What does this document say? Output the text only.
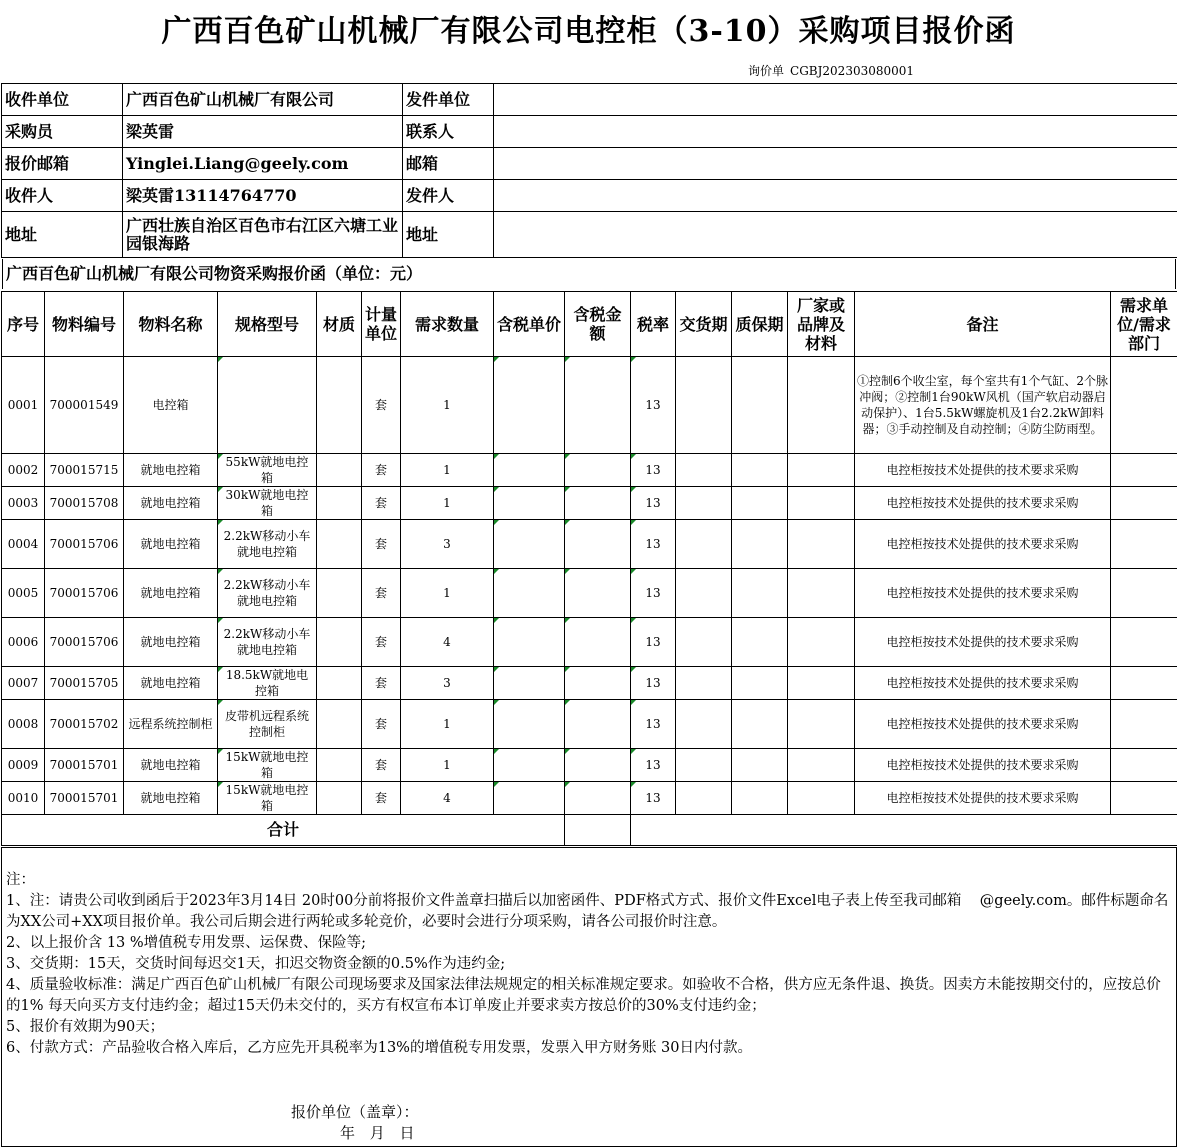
广西百色矿山机械厂有限公司电控柜（3-10）采购项目报价函
询价单 CGBJ202303080001
收件单位	广西百色矿山机械厂有限公司	发件单位	
采购员	梁英雷	联系人	
报价邮箱	Yinglei.Liang@geely.com	邮箱	
收件人	梁英雷13114764770	发件人	
地址	广西壮族自治区百色市右江区六塘工业园银海路	地址	
广西百色矿山机械厂有限公司物资采购报价函（单位：元）
序号	物料编号	物料名称	规格型号	材质	计量单位	需求数量	含税单价	含税金额	税率	交货期	质保期	厂家或品牌及材料	备注	需求单位/需求部门
0001	700001549	电控箱			套	1			13				①控制6个收尘室，每个室共有1个气缸、2个脉冲阀；②控制1台90kW风机（国产软启动器启动保护）、1台5.5kW螺旋机及1台2.2kW卸料器；③手动控制及自动控制；④防尘防雨型。	
0002	700015715	就地电控箱	55kW就地电控箱		套	1			13				电控柜按技术处提供的技术要求采购	
0003	700015708	就地电控箱	30kW就地电控箱		套	1			13				电控柜按技术处提供的技术要求采购	
0004	700015706	就地电控箱	2.2kW移动小车就地电控箱		套	3			13				电控柜按技术处提供的技术要求采购	
0005	700015706	就地电控箱	2.2kW移动小车就地电控箱		套	1			13				电控柜按技术处提供的技术要求采购	
0006	700015706	就地电控箱	2.2kW移动小车就地电控箱		套	4			13				电控柜按技术处提供的技术要求采购	
0007	700015705	就地电控箱	18.5kW就地电控箱		套	3			13				电控柜按技术处提供的技术要求采购	
0008	700015702	远程系统控制柜	皮带机远程系统控制柜		套	1			13				电控柜按技术处提供的技术要求采购	
0009	700015701	就地电控箱	15kW就地电控箱		套	1			13				电控柜按技术处提供的技术要求采购	
0010	700015701	就地电控箱	15kW就地电控箱		套	4			13				电控柜按技术处提供的技术要求采购	
合计														
注：
1、注：请贵公司收到函后于2023年3月14日 20时00分前将报价文件盖章扫描后以加密函件、PDF格式方式、报价文件Excel电子表上传至我司邮箱    @geely.com。邮件标题命名为XX公司+XX项目报价单。我公司后期会进行两轮或多轮竞价，必要时会进行分项采购，请各公司报价时注意。
2、以上报价含 13 %增值税专用发票、运保费、保险等;
3、交货期：15天，交货时间每迟交1天，扣迟交物资金额的0.5%作为违约金;
4、质量验收标准：满足广西百色矿山机械厂有限公司现场要求及国家法律法规规定的相关标准规定要求。如验收不合格，供方应无条件退、换货。因卖方未能按期交付的，应按总价的1% 每天向买方支付违约金；超过15天仍未交付的，买方有权宣布本订单废止并要求卖方按总价的30%支付违约金；
5、报价有效期为90天；
6、付款方式：产品验收合格入库后，乙方应先开具税率为13%的增值税专用发票，发票入甲方财务账 30日内付款。
报价单位（盖章）：
年 月 日
